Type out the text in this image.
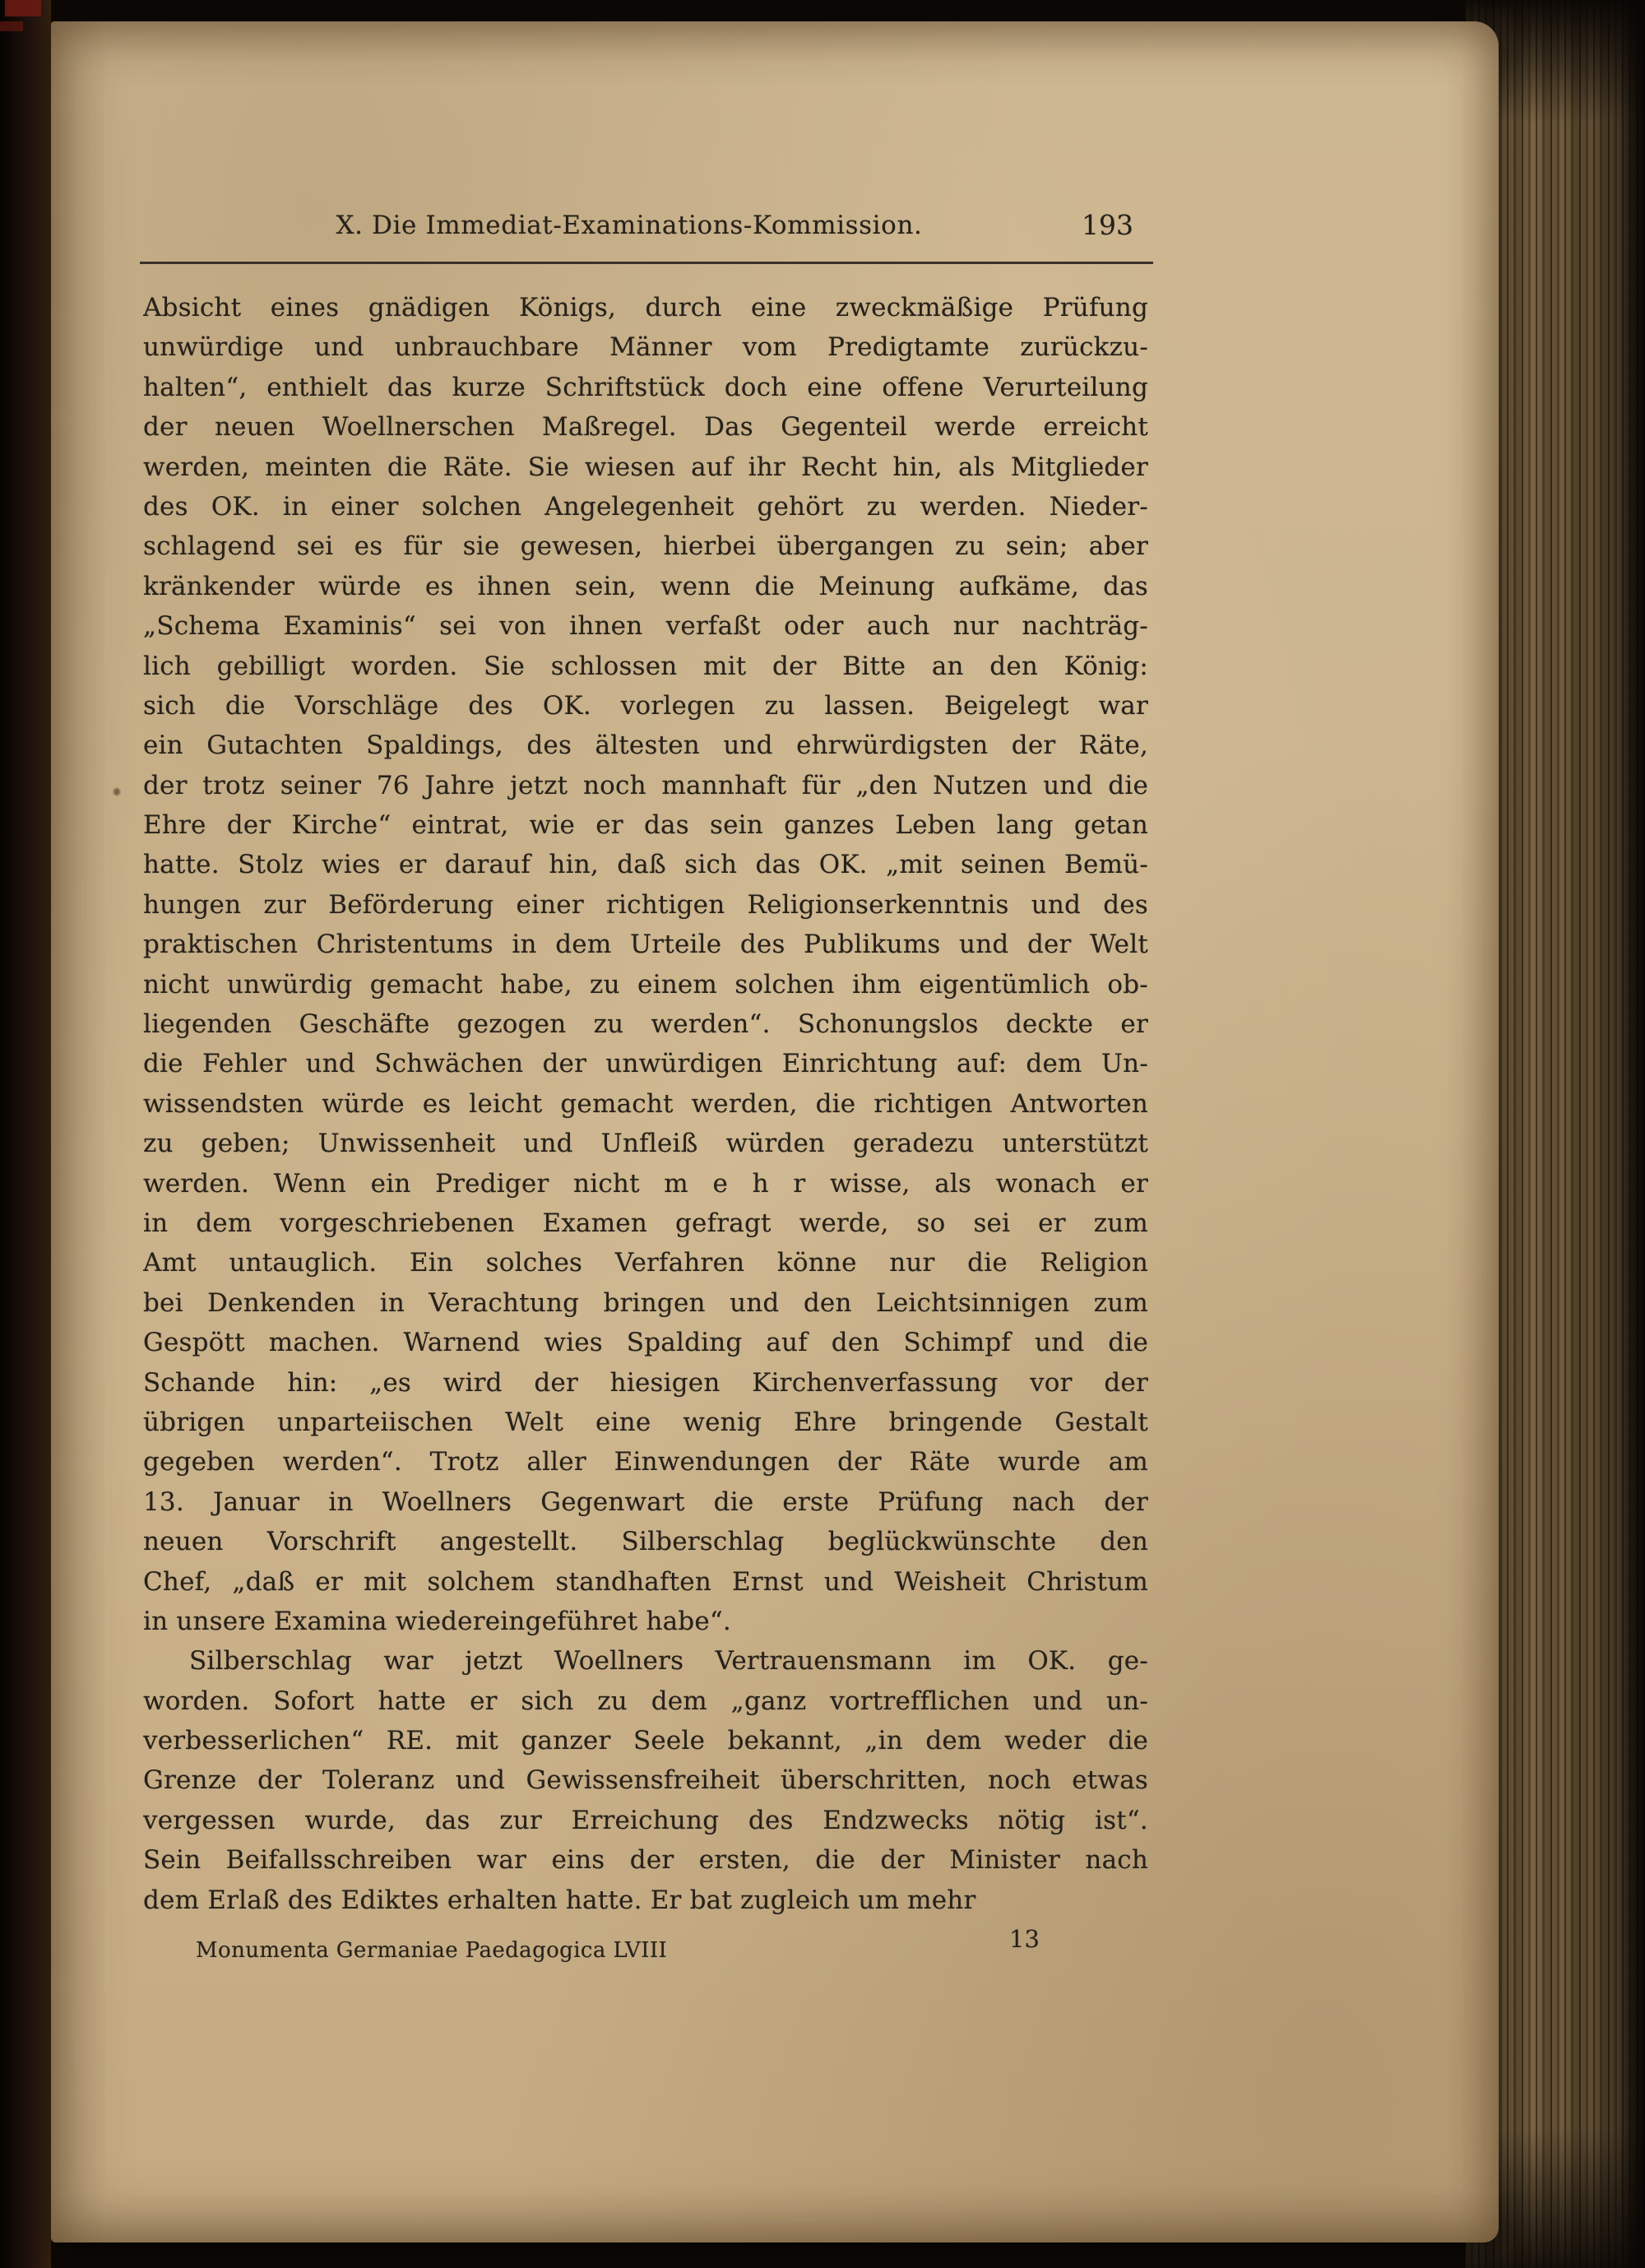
X. Die Immediat-Examinations-Kommission.	193
Absicht eines gnädigen Königs, durch eine zweckmäßige Prüfung
unwürdige und unbrauchbare Männer vom Predigtamte zurückzu-
halten“, enthielt das kurze Schriftstück doch eine offene Verurteilung
der neuen Woellnerschen Maßregel. Das Gegenteil werde erreicht
werden, meinten die Räte. Sie wiesen auf ihr Recht hin, als Mitglieder
des OK. in einer solchen Angelegenheit gehört zu werden. Nieder-
schlagend sei es für sie gewesen, hierbei übergangen zu sein; aber
kränkender würde es ihnen sein, wenn die Meinung aufkäme, das
„Schema Examinis“ sei von ihnen verfaßt oder auch nur nachträg-
lich gebilligt worden. Sie schlossen mit der Bitte an den König:
sich die Vorschläge des OK. vorlegen zu lassen. Beigelegt war
ein Gutachten Spaldings, des ältesten und ehrwürdigsten der Räte,
der trotz seiner 76 Jahre jetzt noch mannhaft für „den Nutzen und die
Ehre der Kirche“ eintrat, wie er das sein ganzes Leben lang getan
hatte. Stolz wies er darauf hin, daß sich das OK. „mit seinen Bemü-
hungen zur Beförderung einer richtigen Religionserkenntnis und des
praktischen Christentums in dem Urteile des Publikums und der Welt
nicht unwürdig gemacht habe, zu einem solchen ihm eigentümlich ob-
liegenden Geschäfte gezogen zu werden“. Schonungslos deckte er
die Fehler und Schwächen der unwürdigen Einrichtung auf: dem Un-
wissendsten würde es leicht gemacht werden, die richtigen Antworten
zu geben; Unwissenheit und Unfleiß würden geradezu unterstützt
werden. Wenn ein Prediger nicht m e h r wisse, als wonach er
in dem vorgeschriebenen Examen gefragt werde, so sei er zum
Amt untauglich. Ein solches Verfahren könne nur die Religion
bei Denkenden in Verachtung bringen und den Leichtsinnigen zum
Gespött machen. Warnend wies Spalding auf den Schimpf und die
Schande hin: „es wird der hiesigen Kirchenverfassung vor der
übrigen unparteiischen Welt eine wenig Ehre bringende Gestalt
gegeben werden“. Trotz aller Einwendungen der Räte wurde am
13. Januar in Woellners Gegenwart die erste Prüfung nach der
neuen Vorschrift angestellt. Silberschlag beglückwünschte den
Chef, „daß er mit solchem standhaften Ernst und Weisheit Christum
in unsere Examina wiedereingeführet habe“.
Silberschlag war jetzt Woellners Vertrauensmann im OK. ge-
worden. Sofort hatte er sich zu dem „ganz vortrefflichen und un-
verbesserlichen“ RE. mit ganzer Seele bekannt, „in dem weder die
Grenze der Toleranz und Gewissensfreiheit überschritten, noch etwas
vergessen wurde, das zur Erreichung des Endzwecks nötig ist“.
Sein Beifallsschreiben war eins der ersten, die der Minister nach
dem Erlaß des Ediktes erhalten hatte. Er bat zugleich um mehr
13
Monumenta Germaniae Paedagogica LVIII
